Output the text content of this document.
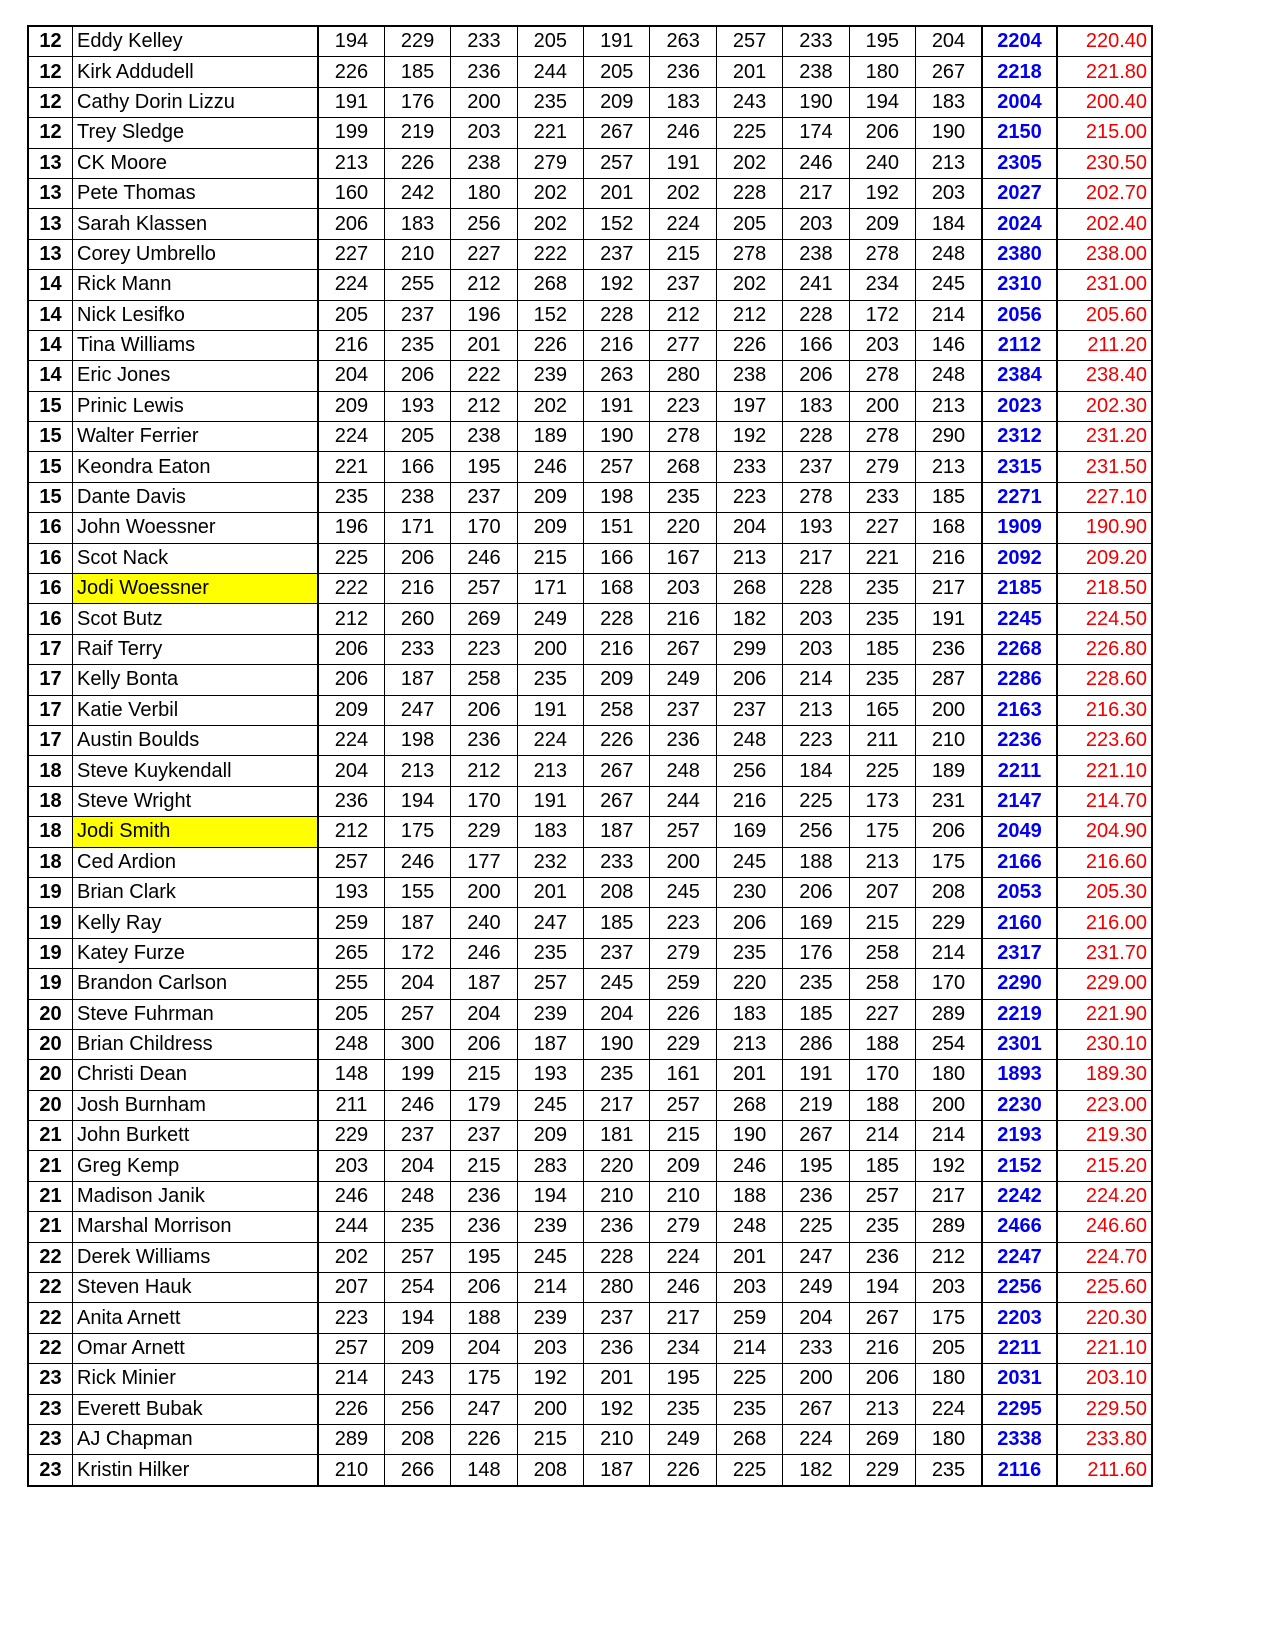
12	Eddy Kelley	194	229	233	205	191	263	257	233	195	204	2204	220.40
12	Kirk Addudell	226	185	236	244	205	236	201	238	180	267	2218	221.80
12	Cathy Dorin Lizzu	191	176	200	235	209	183	243	190	194	183	2004	200.40
12	Trey Sledge	199	219	203	221	267	246	225	174	206	190	2150	215.00
13	CK Moore	213	226	238	279	257	191	202	246	240	213	2305	230.50
13	Pete Thomas	160	242	180	202	201	202	228	217	192	203	2027	202.70
13	Sarah Klassen	206	183	256	202	152	224	205	203	209	184	2024	202.40
13	Corey Umbrello	227	210	227	222	237	215	278	238	278	248	2380	238.00
14	Rick Mann	224	255	212	268	192	237	202	241	234	245	2310	231.00
14	Nick Lesifko	205	237	196	152	228	212	212	228	172	214	2056	205.60
14	Tina Williams	216	235	201	226	216	277	226	166	203	146	2112	211.20
14	Eric Jones	204	206	222	239	263	280	238	206	278	248	2384	238.40
15	Prinic Lewis	209	193	212	202	191	223	197	183	200	213	2023	202.30
15	Walter Ferrier	224	205	238	189	190	278	192	228	278	290	2312	231.20
15	Keondra Eaton	221	166	195	246	257	268	233	237	279	213	2315	231.50
15	Dante Davis	235	238	237	209	198	235	223	278	233	185	2271	227.10
16	John Woessner	196	171	170	209	151	220	204	193	227	168	1909	190.90
16	Scot Nack	225	206	246	215	166	167	213	217	221	216	2092	209.20
16	Jodi Woessner	222	216	257	171	168	203	268	228	235	217	2185	218.50
16	Scot Butz	212	260	269	249	228	216	182	203	235	191	2245	224.50
17	Raif Terry	206	233	223	200	216	267	299	203	185	236	2268	226.80
17	Kelly Bonta	206	187	258	235	209	249	206	214	235	287	2286	228.60
17	Katie Verbil	209	247	206	191	258	237	237	213	165	200	2163	216.30
17	Austin Boulds	224	198	236	224	226	236	248	223	211	210	2236	223.60
18	Steve Kuykendall	204	213	212	213	267	248	256	184	225	189	2211	221.10
18	Steve Wright	236	194	170	191	267	244	216	225	173	231	2147	214.70
18	Jodi Smith	212	175	229	183	187	257	169	256	175	206	2049	204.90
18	Ced Ardion	257	246	177	232	233	200	245	188	213	175	2166	216.60
19	Brian Clark	193	155	200	201	208	245	230	206	207	208	2053	205.30
19	Kelly Ray	259	187	240	247	185	223	206	169	215	229	2160	216.00
19	Katey Furze	265	172	246	235	237	279	235	176	258	214	2317	231.70
19	Brandon Carlson	255	204	187	257	245	259	220	235	258	170	2290	229.00
20	Steve Fuhrman	205	257	204	239	204	226	183	185	227	289	2219	221.90
20	Brian Childress	248	300	206	187	190	229	213	286	188	254	2301	230.10
20	Christi Dean	148	199	215	193	235	161	201	191	170	180	1893	189.30
20	Josh Burnham	211	246	179	245	217	257	268	219	188	200	2230	223.00
21	John Burkett	229	237	237	209	181	215	190	267	214	214	2193	219.30
21	Greg Kemp	203	204	215	283	220	209	246	195	185	192	2152	215.20
21	Madison Janik	246	248	236	194	210	210	188	236	257	217	2242	224.20
21	Marshal Morrison	244	235	236	239	236	279	248	225	235	289	2466	246.60
22	Derek Williams	202	257	195	245	228	224	201	247	236	212	2247	224.70
22	Steven Hauk	207	254	206	214	280	246	203	249	194	203	2256	225.60
22	Anita Arnett	223	194	188	239	237	217	259	204	267	175	2203	220.30
22	Omar Arnett	257	209	204	203	236	234	214	233	216	205	2211	221.10
23	Rick Minier	214	243	175	192	201	195	225	200	206	180	2031	203.10
23	Everett Bubak	226	256	247	200	192	235	235	267	213	224	2295	229.50
23	AJ Chapman	289	208	226	215	210	249	268	224	269	180	2338	233.80
23	Kristin Hilker	210	266	148	208	187	226	225	182	229	235	2116	211.60
